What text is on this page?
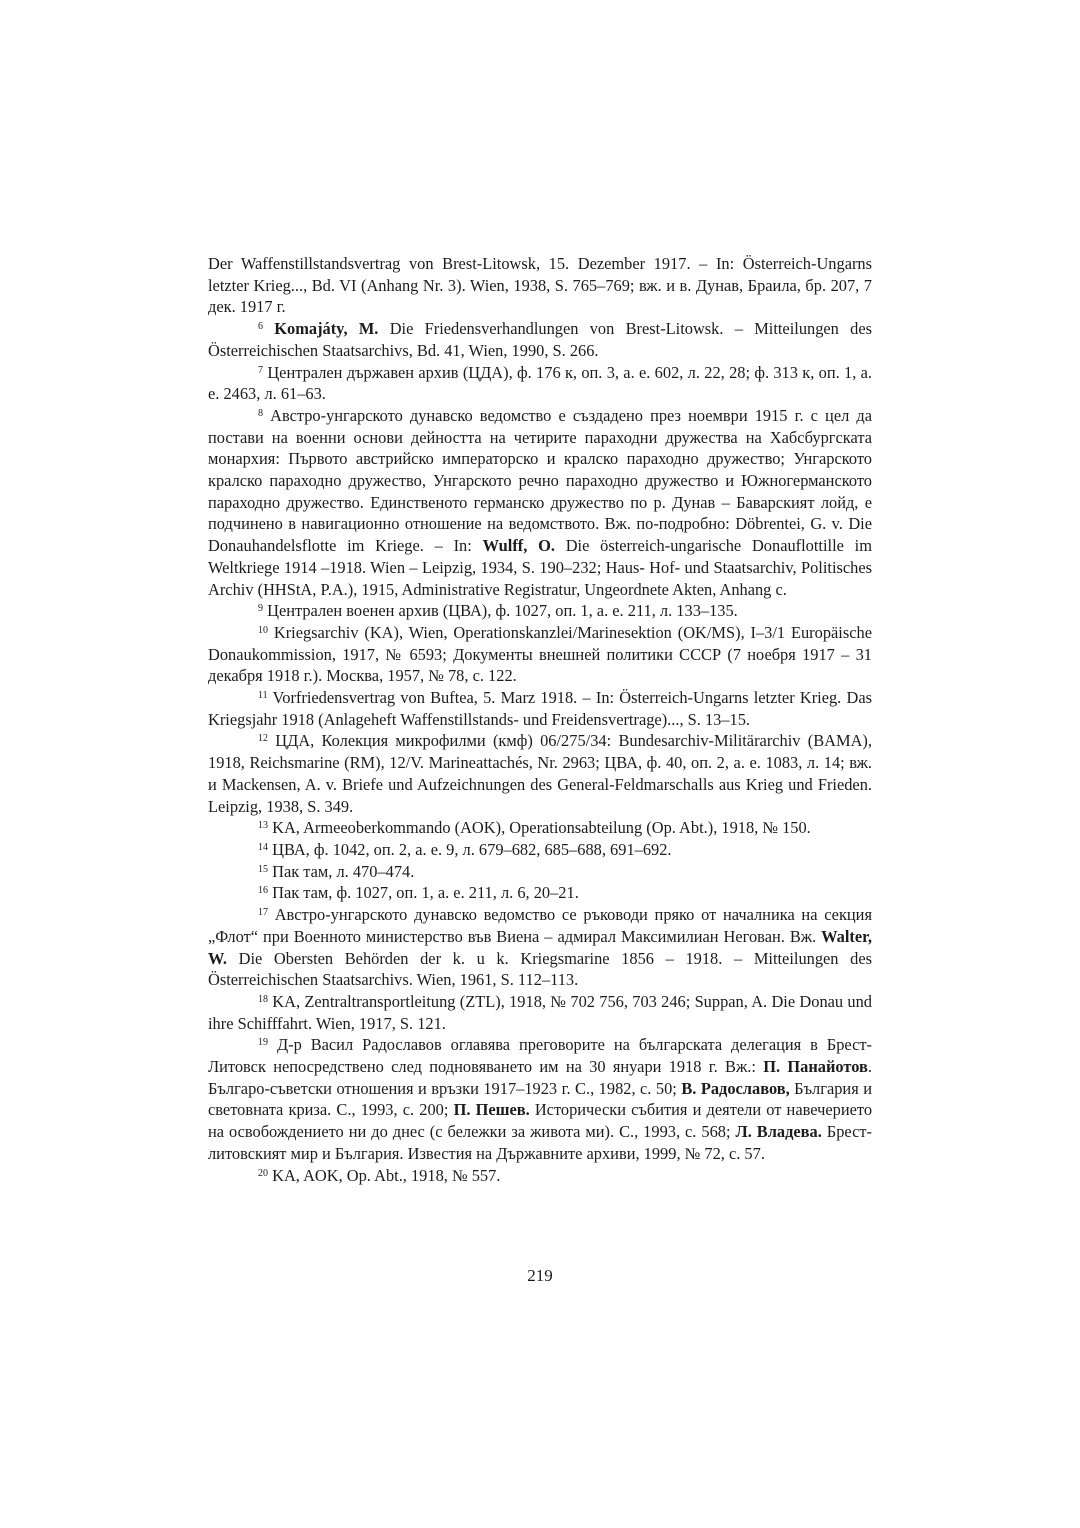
Der Waffenstillstandsvertrag von Brest-Litowsk, 15. Dezember 1917. – In: Österreich-Ungarns letzter Krieg..., Bd. VI (Anhang Nr. 3). Wien, 1938, S. 765–769; вж. и в. Дунав, Браила, бр. 207, 7 дек. 1917 г.

$^6$ Komajáty, M. Die Friedensverhandlungen von Brest-Litowsk. – Mitteilungen des Österreichischen Staatsarchivs, Bd. 41, Wien, 1990, S. 266.

$^7$ Централен държавен архив (ЦДА), ф. 176 к, оп. 3, а. е. 602, л. 22, 28; ф. 313 к, оп. 1, а. е. 2463, л. 61–63.

$^8$ Австро-унгарското дунавско ведомство е създадено през ноември 1915 г. с цел да постави на военни основи дейността на четирите параходни дружества на Хабсбургската монархия: Първото австрийско императорско и кралско параходно дружество; Унгарското кралско параходно дружество, Унгарското речно параходно дружество и Южногерманското параходно дружество. Единственото германско дружество по р. Дунав – Баварският лойд, е подчинено в навигационно отношение на ведомството. Вж. по-подробно: Döbrentei, G. v. Die Donauhandelsflotte im Kriege. – In: Wulff, O. Die österreich-ungarische Donauflottille im Weltkriege 1914 –1918. Wien – Leipzig, 1934, S. 190–232; Haus- Hof- und Staatsarchiv, Politisches Archiv (HHStA, P.A.), 1915, Administrative Registratur, Ungeordnete Akten, Anhang c.

$^9$ Централен военен архив (ЦВА), ф. 1027, оп. 1, а. е. 211, л. 133–135.

$^{10}$ Kriegsarchiv (KA), Wien, Operationskanzlei/Marinesektion (OK/MS), I–3/1 Europäische Donaukommission, 1917, № 6593; Документы внешней политики СССР (7 ноебря 1917 – 31 декабря 1918 г.). Москва, 1957, № 78, с. 122.

$^{11}$ Vorfriedensvertrag von Buftea, 5. Marz 1918. – In: Österreich-Ungarns letzter Krieg. Das Kriegsjahr 1918 (Anlageheft Waffenstillstands- und Freidensvertrage)..., S. 13–15.

$^{12}$ ЦДА, Колекция микрофилми (кмф) 06/275/34: Bundesarchiv-Militärarchiv (BAMA), 1918, Reichsmarine (RM), 12/V. Marineattachés, Nr. 2963; ЦВА, ф. 40, оп. 2, а. е. 1083, л. 14; вж. и Mackensen, A. v. Briefe und Aufzeichnungen des General-Feldmarschalls aus Krieg und Frieden. Leipzig, 1938, S. 349.

$^{13}$ KA, Armeeoberkommando (AOK), Operationsabteilung (Op. Abt.), 1918, № 150.

$^{14}$ ЦВА, ф. 1042, оп. 2, а. е. 9, л. 679–682, 685–688, 691–692.

$^{15}$ Пак там, л. 470–474.

$^{16}$ Пак там, ф. 1027, оп. 1, а. е. 211, л. 6, 20–21.

$^{17}$ Австро-унгарското дунавско ведомство се ръководи пряко от началника на секция „Флот“ при Военното министерство във Виена – адмирал Максимилиан Негован. Вж. Walter, W. Die Obersten Behörden der k. u k. Kriegsmarine 1856 – 1918. – Mitteilungen des Österreichischen Staatsarchivs. Wien, 1961, S. 112–113.

$^{18}$ KA, Zentraltransportleitung (ZTL), 1918, № 702 756, 703 246; Suppan, A. Die Donau und ihre Schifffahrt. Wien, 1917, S. 121.

$^{19}$ Д-р Васил Радославов оглавява преговорите на българската делегация в Брест-Литовск непосредствено след подновяването им на 30 януари 1918 г. Вж.: П. Панайотов. Българо-съветски отношения и връзки 1917–1923 г. С., 1982, с. 50; В. Радославов, България и световната криза. С., 1993, с. 200; П. Пешев. Исторически събития и деятели от навечерието на освобождението ни до днес (с бележки за живота ми). С., 1993, с. 568; Л. Владева. Брест-литовският мир и България. Известия на Държавните архиви, 1999, № 72, с. 57.

$^{20}$ KA, AOK, Op. Abt., 1918, № 557.

219
